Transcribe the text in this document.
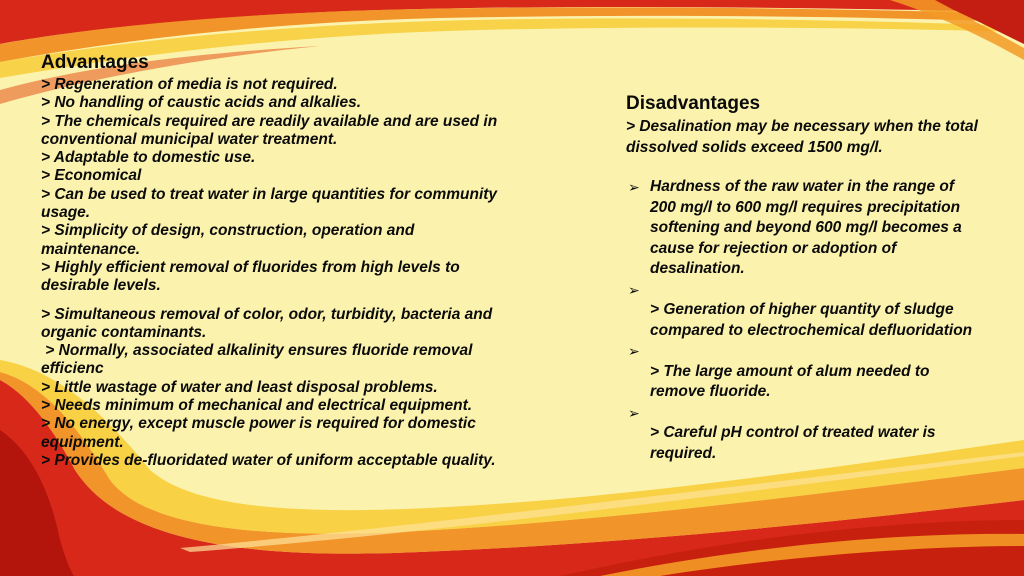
Advantages
> Regeneration of media is not required.
> No handling of caustic acids and alkalies.
> The chemicals required are readily available and are used in
conventional municipal water treatment.
> Adaptable to domestic use.
> Economical
> Can be used to treat water in large quantities for community
usage.
> Simplicity of design, construction, operation and
maintenance.
> Highly efficient removal of fluorides from high levels to
desirable levels.
> Simultaneous removal of color, odor, turbidity, bacteria and
organic contaminants.
> Normally, associated alkalinity ensures fluoride removal
efficienc
> Little wastage of water and least disposal problems.
> Needs minimum of mechanical and electrical equipment.
> No energy, except muscle power is required for domestic
equipment.
> Provides de-fluoridated water of uniform acceptable quality.
Disadvantages
> Desalination may be necessary when the total
dissolved solids exceed 1500 mg/l.
➢ Hardness of the raw water in the range of
200 mg/l to 600 mg/l requires precipitation
softening and beyond 600 mg/l becomes a
cause for rejection or adoption of
desalination.
➢
> Generation of higher quantity of sludge
compared to electrochemical defluoridation
➢
> The large amount of alum needed to
remove fluoride.
➢
> Careful pH control of treated water is
required.
